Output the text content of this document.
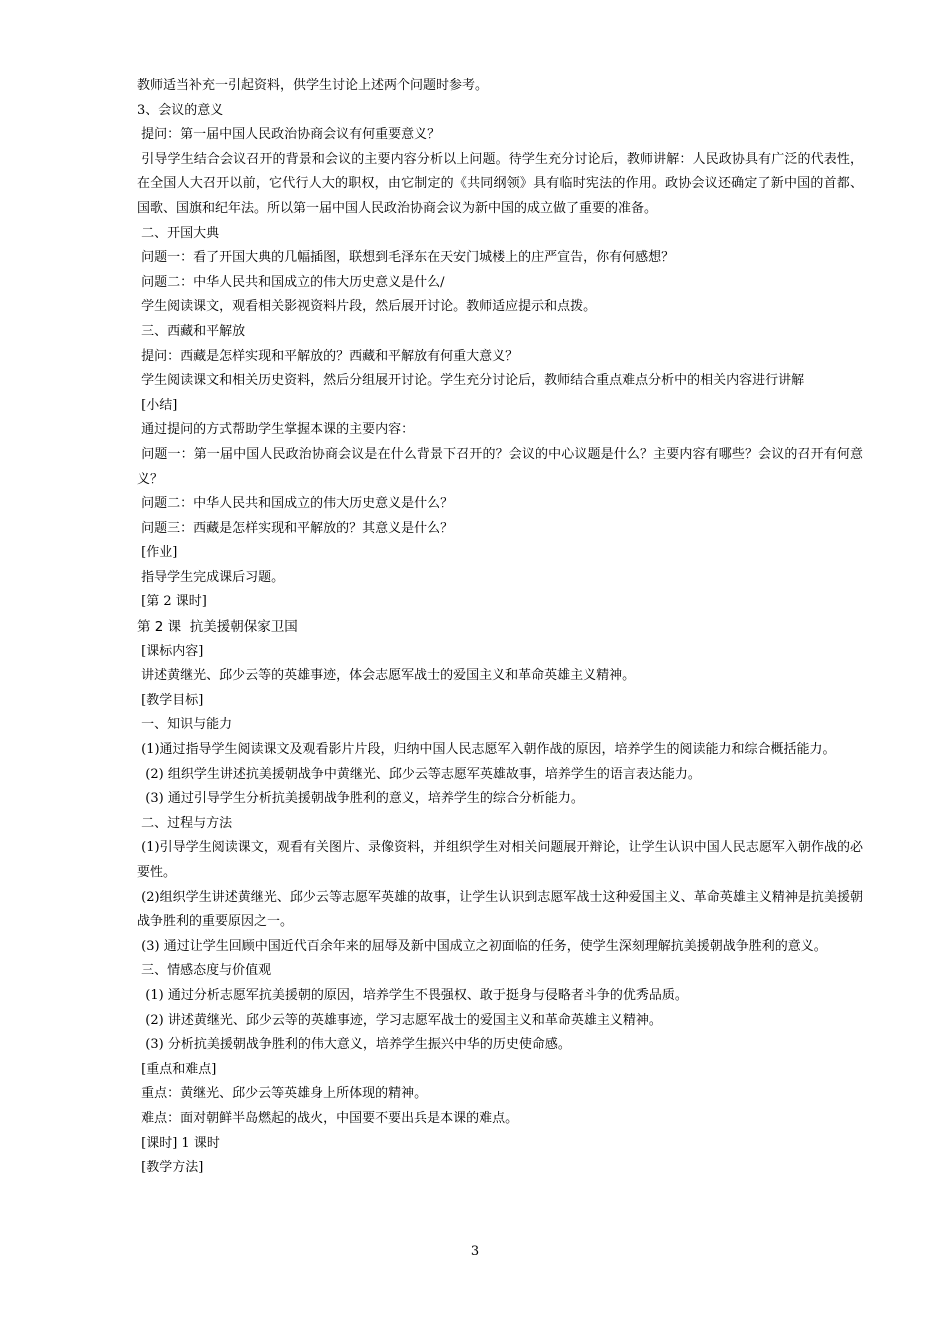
教师适当补充一引起资料，供学生讨论上述两个问题时参考。
3、会议的意义
提问：第一届中国人民政治协商会议有何重要意义？
引导学生结合会议召开的背景和会议的主要内容分析以上问题。待学生充分讨论后，教师讲解：人民政协具有广泛的代表性，在全国人大召开以前，它代行人大的职权，由它制定的《共同纲领》具有临时宪法的作用。政协会议还确定了新中国的首都、国歌、国旗和纪年法。所以第一届中国人民政治协商会议为新中国的成立做了重要的准备。
二、开国大典
问题一：看了开国大典的几幅插图，联想到毛泽东在天安门城楼上的庄严宣告，你有何感想？
问题二：中华人民共和国成立的伟大历史意义是什么/
学生阅读课文，观看相关影视资料片段，然后展开讨论。教师适应提示和点拨。
三、西藏和平解放
提问：西藏是怎样实现和平解放的？西藏和平解放有何重大意义？
学生阅读课文和相关历史资料，然后分组展开讨论。学生充分讨论后，教师结合重点难点分析中的相关内容进行讲解
[小结]
通过提问的方式帮助学生掌握本课的主要内容：
问题一：第一届中国人民政治协商会议是在什么背景下召开的？会议的中心议题是什么？主要内容有哪些？会议的召开有何意义？
问题二：中华人民共和国成立的伟大历史意义是什么？
问题三：西藏是怎样实现和平解放的？其意义是什么？
[作业]
指导学生完成课后习题。
[第 2 课时]
第 2 课  抗美援朝保家卫国
[课标内容]
讲述黄继光、邱少云等的英雄事迹，体会志愿军战士的爱国主义和革命英雄主义精神。
[教学目标]
一、知识与能力
(1)通过指导学生阅读课文及观看影片片段，归纳中国人民志愿军入朝作战的原因，培养学生的阅读能力和综合概括能力。
(2) 组织学生讲述抗美援朝战争中黄继光、邱少云等志愿军英雄故事，培养学生的语言表达能力。
(3) 通过引导学生分析抗美援朝战争胜利的意义，培养学生的综合分析能力。
二、过程与方法
(1)引导学生阅读课文，观看有关图片、录像资料，并组织学生对相关问题展开辩论，让学生认识中国人民志愿军入朝作战的必要性。
(2)组织学生讲述黄继光、邱少云等志愿军英雄的故事，让学生认识到志愿军战士这种爱国主义、革命英雄主义精神是抗美援朝战争胜利的重要原因之一。
(3) 通过让学生回顾中国近代百余年来的屈辱及新中国成立之初面临的任务，使学生深刻理解抗美援朝战争胜利的意义。
三、情感态度与价值观
(1) 通过分析志愿军抗美援朝的原因，培养学生不畏强权、敢于挺身与侵略者斗争的优秀品质。
(2) 讲述黄继光、邱少云等的英雄事迹，学习志愿军战士的爱国主义和革命英雄主义精神。
(3) 分析抗美援朝战争胜利的伟大意义，培养学生振兴中华的历史使命感。
[重点和难点]
重点：黄继光、邱少云等英雄身上所体现的精神。
难点：面对朝鲜半岛燃起的战火，中国要不要出兵是本课的难点。
[课时] 1 课时
[教学方法]
3
